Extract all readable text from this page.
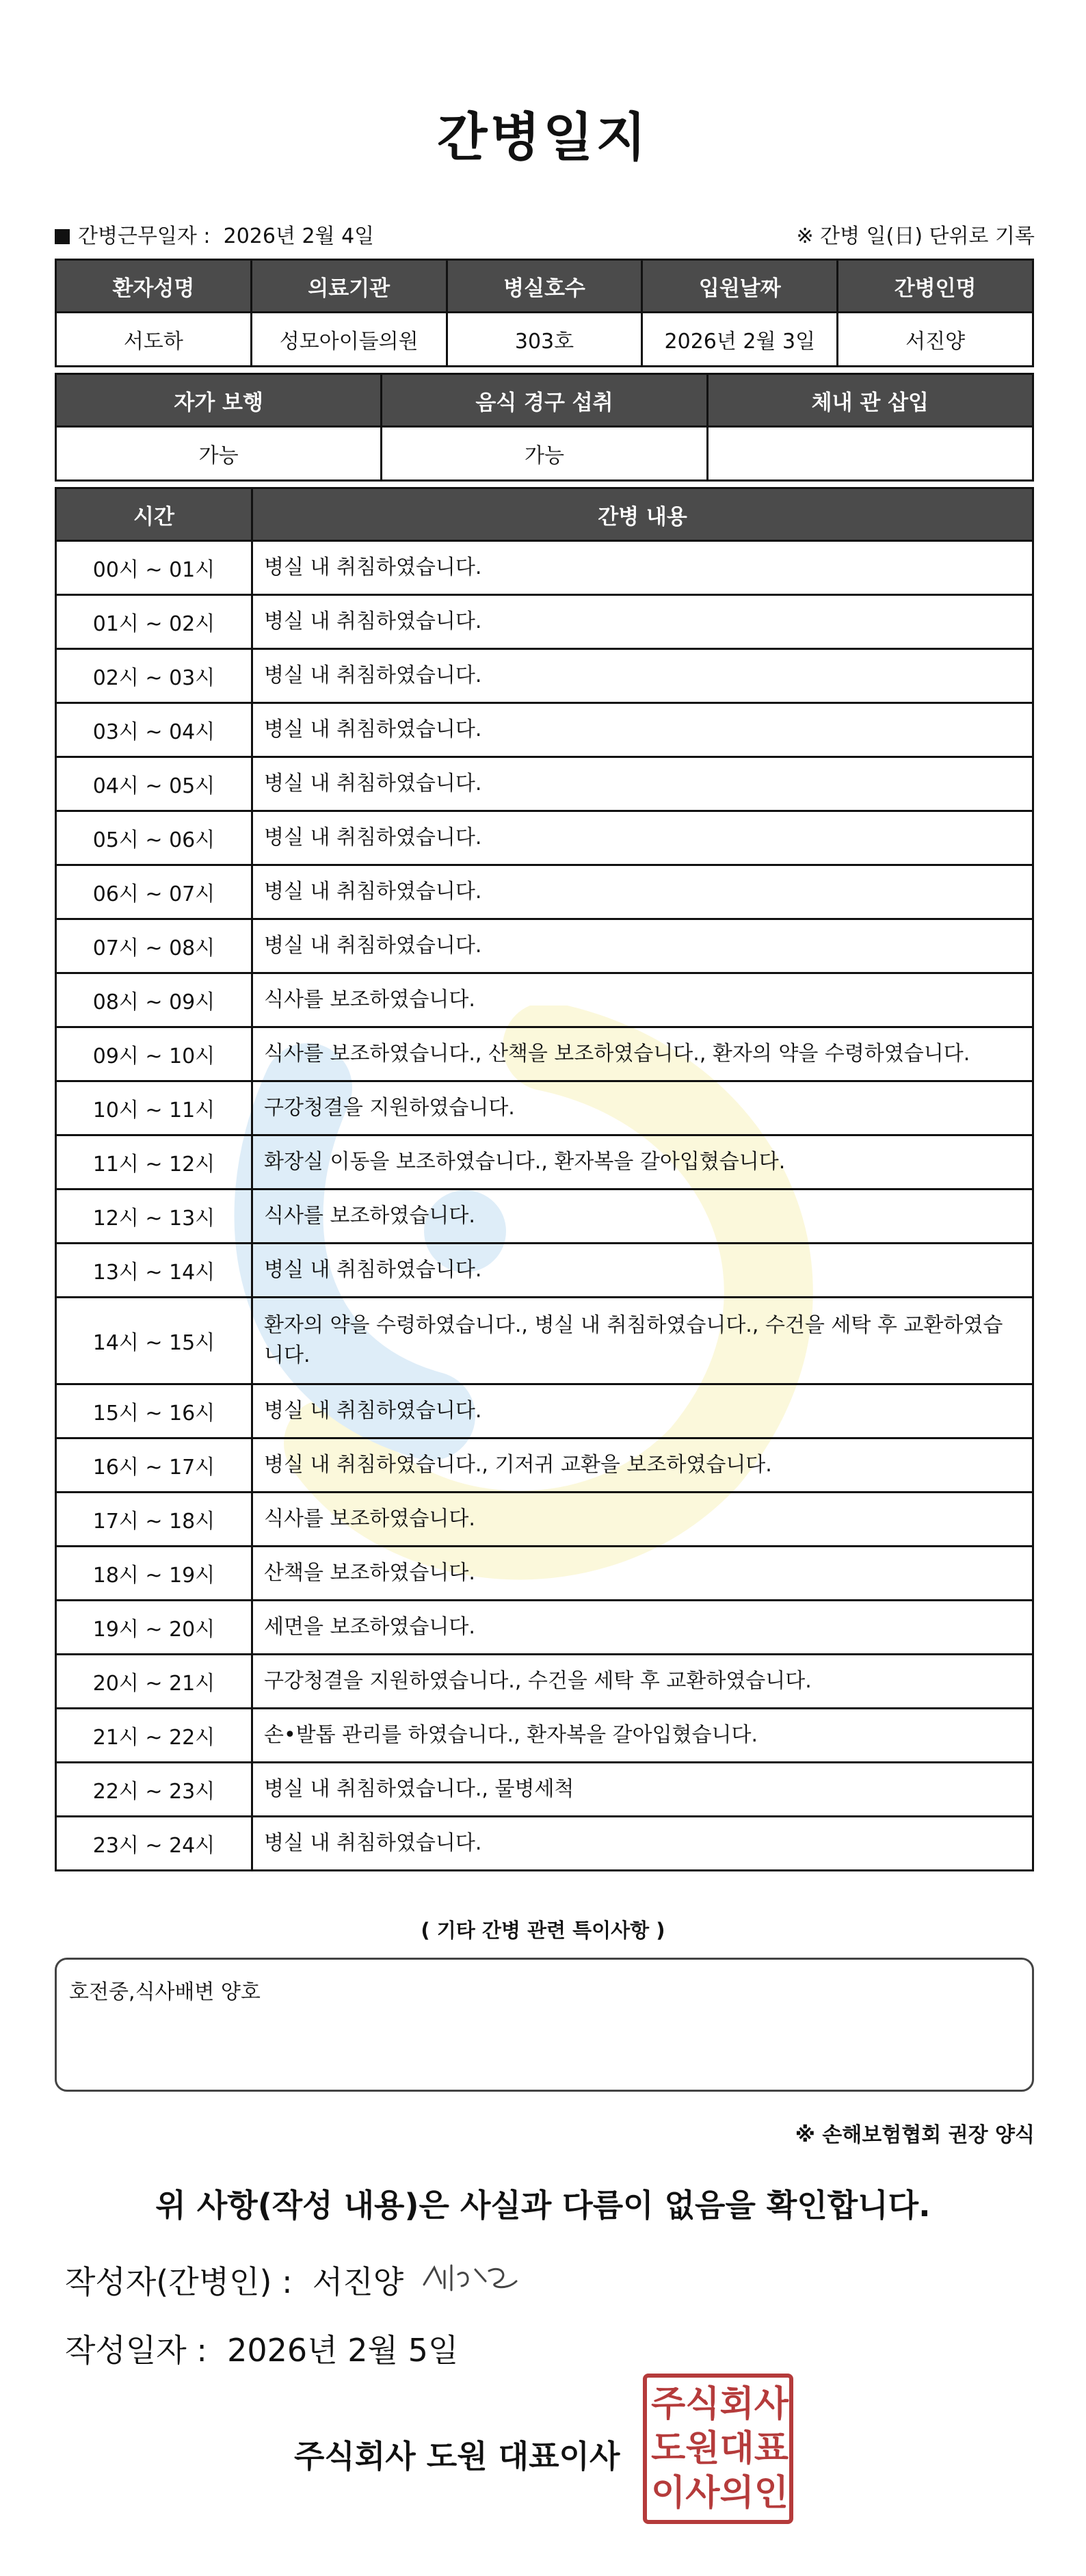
간병일지
간병근무일자 : 2026년 2월 4일	※ 간병 일(日) 단위로 기록
환자성명	의료기관	병실호수	입원날짜	간병인명
서도하	성모아이들의원	303호	2026년 2월 3일	서진양
자가 보행	음식 경구 섭취	체내 관 삽입
가능	가능	
시간	간병 내용
00시 ~ 01시	병실 내 취침하였습니다.
01시 ~ 02시	병실 내 취침하였습니다.
02시 ~ 03시	병실 내 취침하였습니다.
03시 ~ 04시	병실 내 취침하였습니다.
04시 ~ 05시	병실 내 취침하였습니다.
05시 ~ 06시	병실 내 취침하였습니다.
06시 ~ 07시	병실 내 취침하였습니다.
07시 ~ 08시	병실 내 취침하였습니다.
08시 ~ 09시	식사를 보조하였습니다.
09시 ~ 10시	식사를 보조하였습니다., 산책을 보조하였습니다., 환자의 약을 수령하였습니다.
10시 ~ 11시	구강청결을 지원하였습니다.
11시 ~ 12시	화장실 이동을 보조하였습니다., 환자복을 갈아입혔습니다.
12시 ~ 13시	식사를 보조하였습니다.
13시 ~ 14시	병실 내 취침하였습니다.
14시 ~ 15시	환자의 약을 수령하였습니다., 병실 내 취침하였습니다., 수건을 세탁 후 교환하였습니다.
15시 ~ 16시	병실 내 취침하였습니다.
16시 ~ 17시	병실 내 취침하였습니다., 기저귀 교환을 보조하였습니다.
17시 ~ 18시	식사를 보조하였습니다.
18시 ~ 19시	산책을 보조하였습니다.
19시 ~ 20시	세면을 보조하였습니다.
20시 ~ 21시	구강청결을 지원하였습니다., 수건을 세탁 후 교환하였습니다.
21시 ~ 22시	손•발톱 관리를 하였습니다., 환자복을 갈아입혔습니다.
22시 ~ 23시	병실 내 취침하였습니다., 물병세척
23시 ~ 24시	병실 내 취침하였습니다.
( 기타 간병 관련 특이사항 )
호전중,식사배변 양호
※ 손해보험협회 권장 양식
위 사항(작성 내용)은 사실과 다름이 없음을 확인합니다.
작성자(간병인) : 서진양
작성일자 : 2026년 2월 5일
주식회사 도원 대표이사
주 식 회 사
도 원 대 표
이 사 의 인
